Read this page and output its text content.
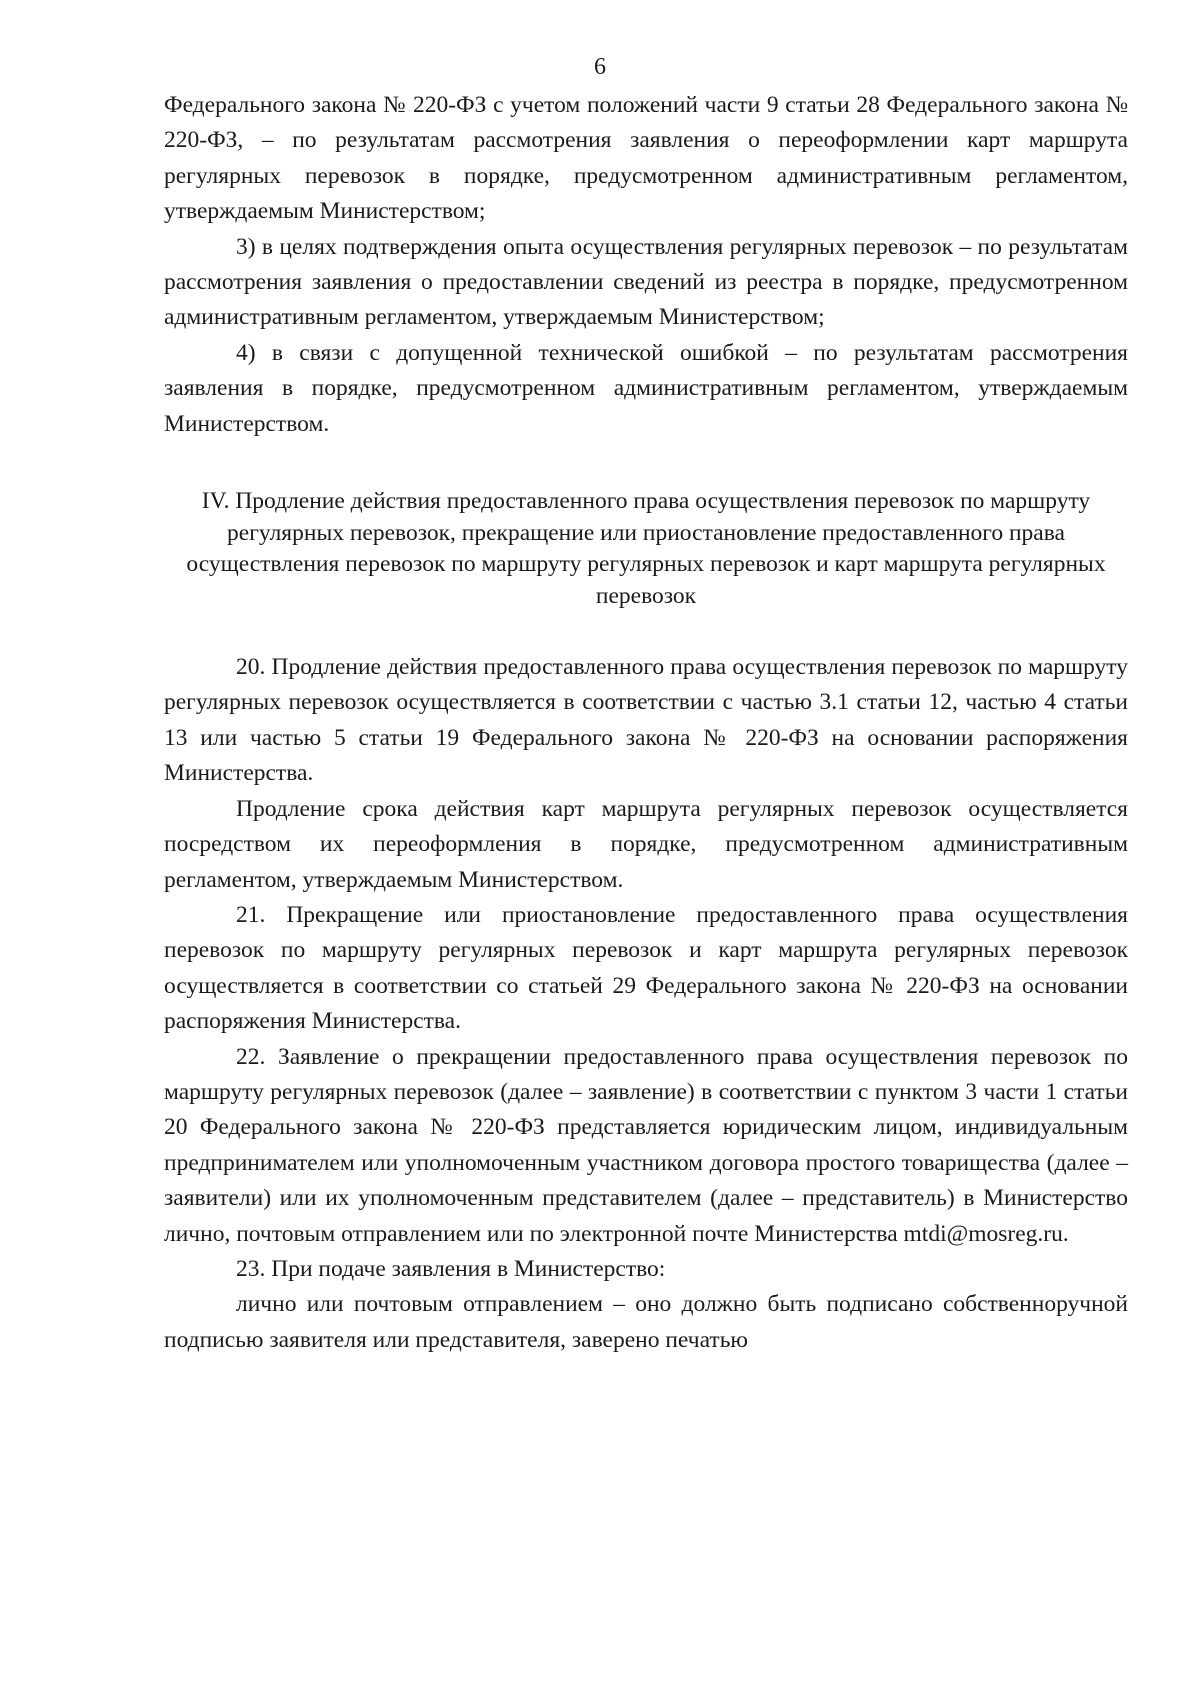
6

Федерального закона № 220-ФЗ с учетом положений части 9 статьи 28 Федерального закона № 220-ФЗ, – по результатам рассмотрения заявления о переоформлении карт маршрута регулярных перевозок в порядке, предусмотренном административным регламентом, утверждаемым Министерством;

3) в целях подтверждения опыта осуществления регулярных перевозок – по результатам рассмотрения заявления о предоставлении сведений из реестра в порядке, предусмотренном административным регламентом, утверждаемым Министерством;

4) в связи с допущенной технической ошибкой – по результатам рассмотрения заявления в порядке, предусмотренном административным регламентом, утверждаемым Министерством.

IV. Продление действия предоставленного права осуществления перевозок по маршруту регулярных перевозок, прекращение или приостановление предоставленного права осуществления перевозок по маршруту регулярных перевозок и карт маршрута регулярных перевозок

20. Продление действия предоставленного права осуществления перевозок по маршруту регулярных перевозок осуществляется в соответствии с частью 3.1 статьи 12, частью 4 статьи 13 или частью 5 статьи 19 Федерального закона № 220-ФЗ на основании распоряжения Министерства.

Продление срока действия карт маршрута регулярных перевозок осуществляется посредством их переоформления в порядке, предусмотренном административным регламентом, утверждаемым Министерством.

21. Прекращение или приостановление предоставленного права осуществления перевозок по маршруту регулярных перевозок и карт маршрута регулярных перевозок осуществляется в соответствии со статьей 29 Федерального закона № 220-ФЗ на основании распоряжения Министерства.

22. Заявление о прекращении предоставленного права осуществления перевозок по маршруту регулярных перевозок (далее – заявление) в соответствии с пунктом 3 части 1 статьи 20 Федерального закона № 220-ФЗ представляется юридическим лицом, индивидуальным предпринимателем или уполномоченным участником договора простого товарищества (далее – заявители) или их уполномоченным представителем (далее – представитель) в Министерство лично, почтовым отправлением или по электронной почте Министерства mtdi@mosreg.ru.

23. При подаче заявления в Министерство:

лично или почтовым отправлением – оно должно быть подписано собственноручной подписью заявителя или представителя, заверено печатью
